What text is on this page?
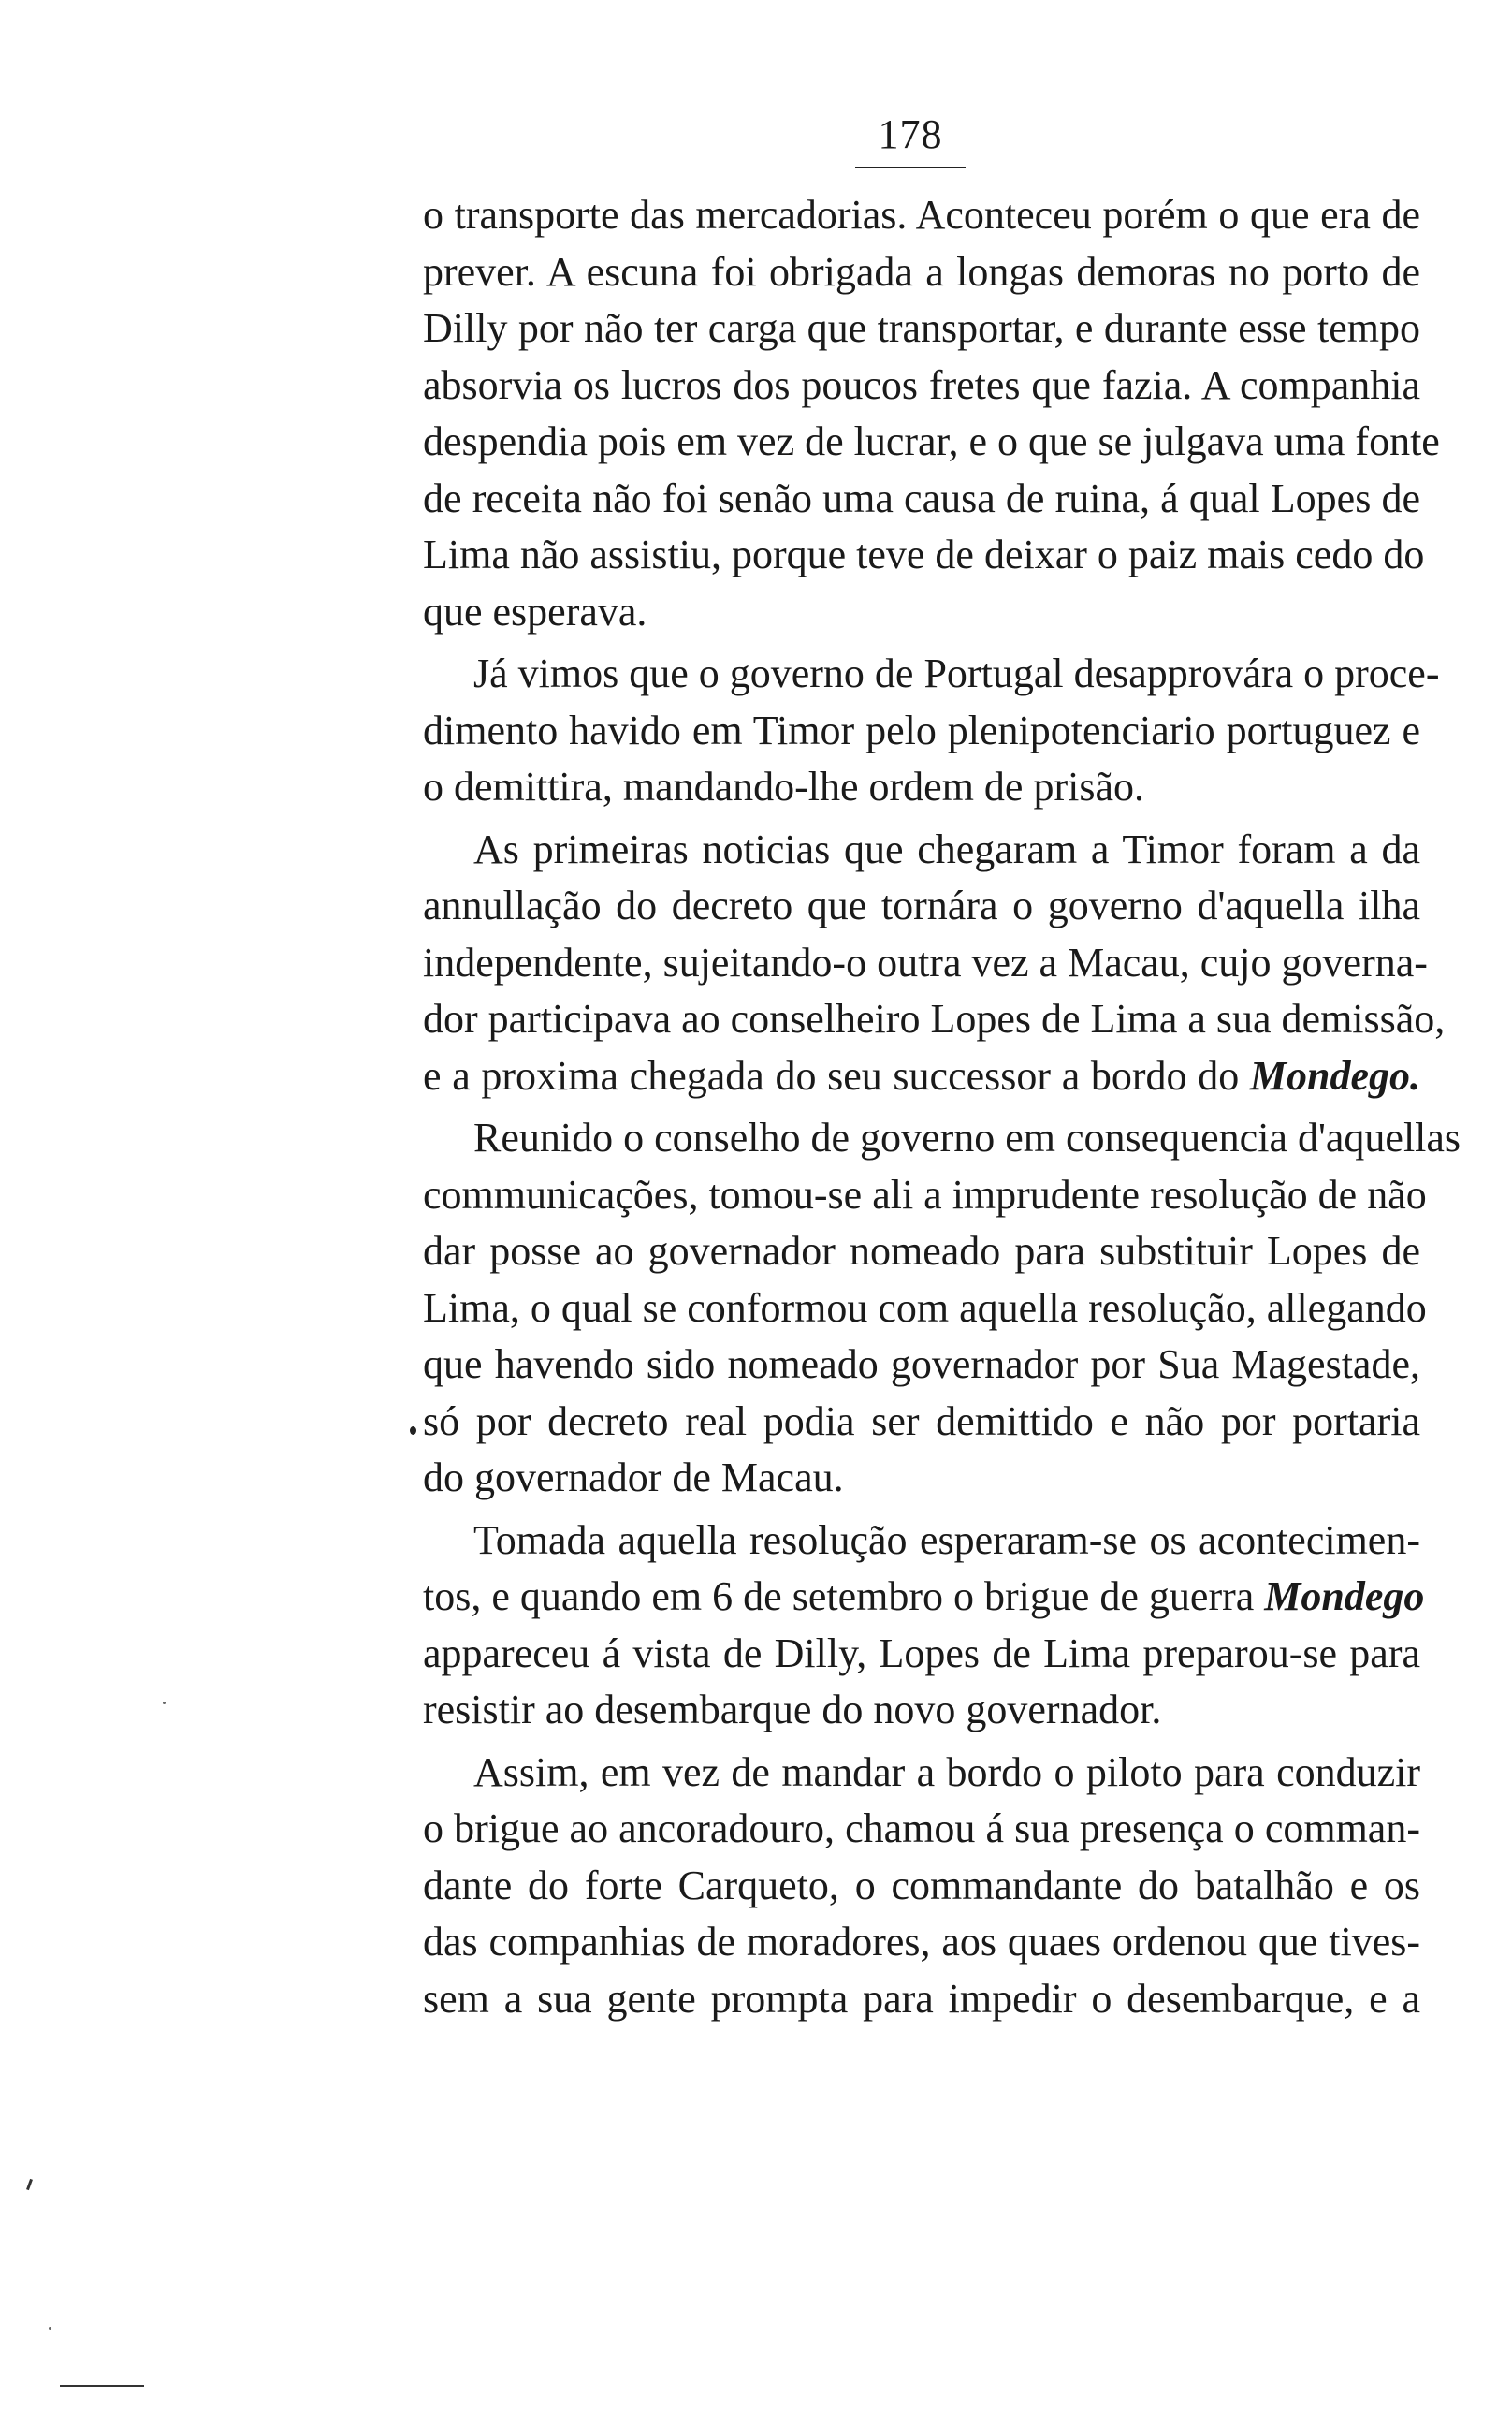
178
o transporte das mercadorias. Aconteceu porém o que era de
prever. A escuna foi obrigada a longas demoras no porto de
Dilly por não ter carga que transportar, e durante esse tempo
absorvia os lucros dos poucos fretes que fazia. A companhia
despendia pois em vez de lucrar, e o que se julgava uma fonte
de receita não foi senão uma causa de ruina, á qual Lopes de
Lima não assistiu, porque teve de deixar o paiz mais cedo do
que esperava.
Já vimos que o governo de Portugal desapprovára o proce-
dimento havido em Timor pelo plenipotenciario portuguez e
o demittira, mandando-lhe ordem de prisão.
As primeiras noticias que chegaram a Timor foram a da
annullação do decreto que tornára o governo d'aquella ilha
independente, sujeitando-o outra vez a Macau, cujo governa-
dor participava ao conselheiro Lopes de Lima a sua demissão,
e a proxima chegada do seu successor a bordo do Mondego.
Reunido o conselho de governo em consequencia d'aquellas
communicações, tomou-se ali a imprudente resolução de não
dar posse ao governador nomeado para substituir Lopes de
Lima, o qual se conformou com aquella resolução, allegando
que havendo sido nomeado governador por Sua Magestade,
só por decreto real podia ser demittido e não por portaria
do governador de Macau.
Tomada aquella resolução esperaram-se os acontecimen-
tos, e quando em 6 de setembro o brigue de guerra Mondego
appareceu á vista de Dilly, Lopes de Lima preparou-se para
resistir ao desembarque do novo governador.
Assim, em vez de mandar a bordo o piloto para conduzir
o brigue ao ancoradouro, chamou á sua presença o comman-
dante do forte Carqueto, o commandante do batalhão e os
das companhias de moradores, aos quaes ordenou que tives-
sem a sua gente prompta para impedir o desembarque, e a
